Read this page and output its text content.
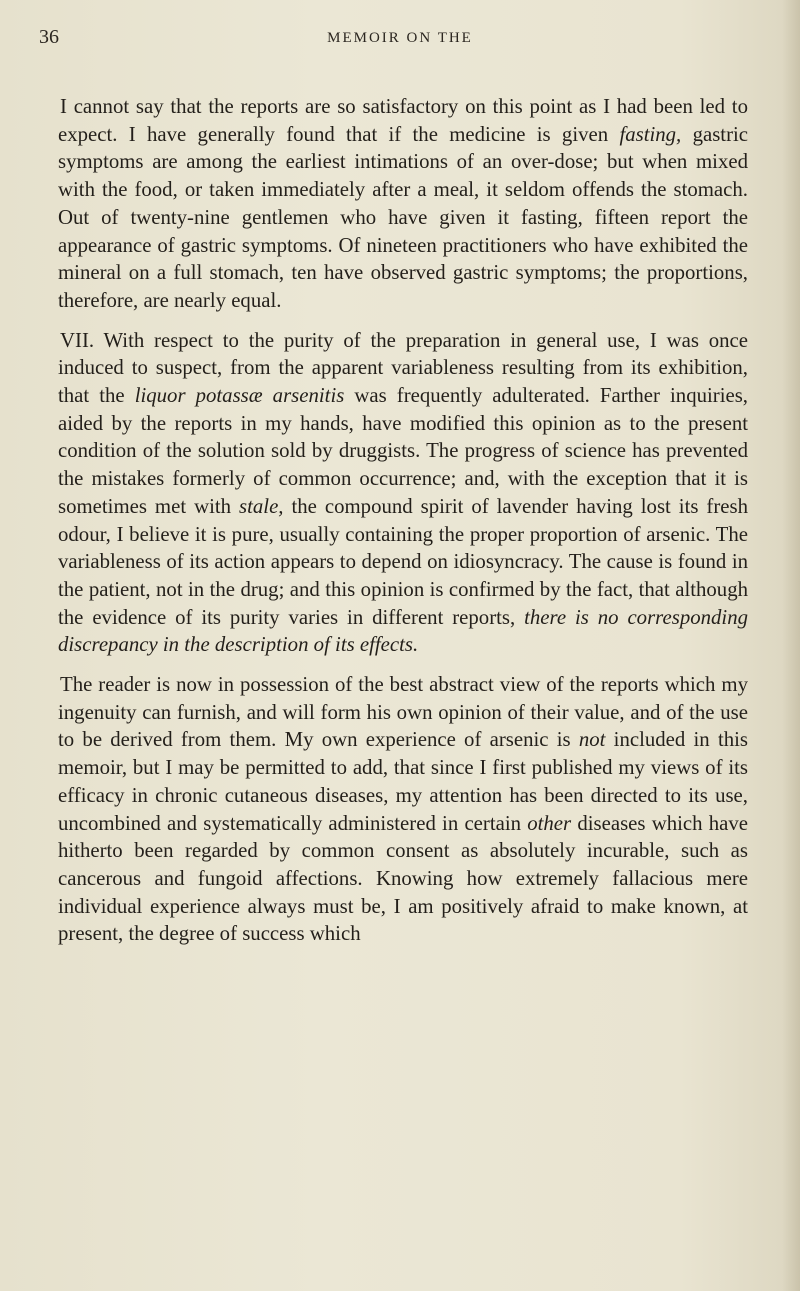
36	MEMOIR ON THE

I cannot say that the reports are so satisfactory on this point as I had been led to expect. I have generally found that if the medicine is given fasting, gastric symptoms are among the earliest intimations of an over-dose; but when mixed with the food, or taken immediately after a meal, it seldom offends the stomach. Out of twenty-nine gentlemen who have given it fasting, fifteen report the appearance of gastric symptoms. Of nineteen practitioners who have exhibited the mineral on a full stomach, ten have observed gastric symptoms; the proportions, therefore, are nearly equal.

VII. With respect to the purity of the preparation in general use, I was once induced to suspect, from the apparent variableness resulting from its exhibition, that the liquor potassæ arsenitis was frequently adulterated. Farther inquiries, aided by the reports in my hands, have modified this opinion as to the present condition of the solution sold by druggists. The progress of science has prevented the mistakes formerly of common occurrence; and, with the exception that it is sometimes met with stale, the compound spirit of lavender having lost its fresh odour, I believe it is pure, usually containing the proper proportion of arsenic. The variableness of its action appears to depend on idiosyncracy. The cause is found in the patient, not in the drug; and this opinion is confirmed by the fact, that although the evidence of its purity varies in different reports, there is no corresponding discrepancy in the description of its effects.

The reader is now in possession of the best abstract view of the reports which my ingenuity can furnish, and will form his own opinion of their value, and of the use to be derived from them. My own experience of arsenic is not included in this memoir, but I may be permitted to add, that since I first published my views of its efficacy in chronic cutaneous diseases, my attention has been directed to its use, uncombined and systematically administered in certain other diseases which have hitherto been regarded by common consent as absolutely incurable, such as cancerous and fungoid affections. Knowing how extremely fallacious mere individual experience always must be, I am positively afraid to make known, at present, the degree of success which
